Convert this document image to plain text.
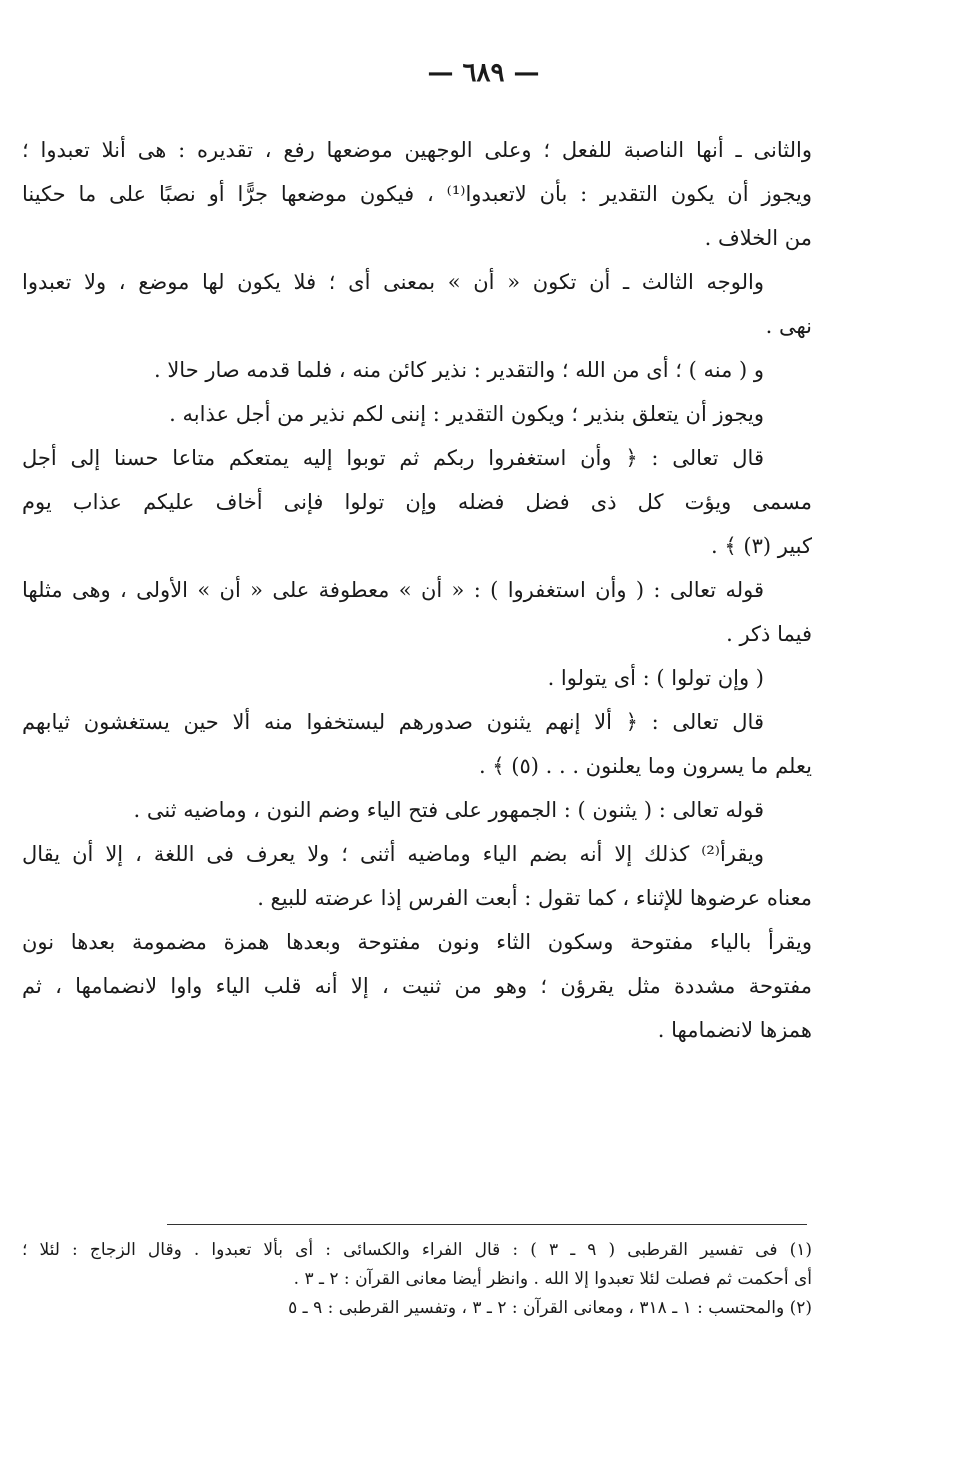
— ٦٨٩ —
والثانى ـ أنها الناصبة للفعل ؛ وعلى الوجهين موضعها رفع ، تقديره : هى أنلا تعبدوا ؛
ويجوز أن يكون التقدير : بأن لاتعبدوا⁽¹⁾ ، فيكون موضعها جرًّا أو نصبًا على ما حكينا
من الخلاف .
والوجه الثالث ـ أن تكون « أن » بمعنى أى ؛ فلا يكون لها موضع ، ولا تعبدوا
نهى .
و ( منه ) ؛ أى من الله ؛ والتقدير : نذير كائن منه ، فلما قدمه صار حالا .
ويجوز أن يتعلق بنذير ؛ ويكون التقدير : إننى لكم نذير من أجل عذابه .
قال تعالى : ﴿ وأن استغفروا ربكم ثم توبوا إليه يمتعكم متاعا حسنا إلى أجل
مسمى ويؤت كل ذى فضل فضله وإن تولوا فإنى أخاف عليكم عذاب يوم
كبير (٣) ﴾ .
قوله تعالى : ( وأن استغفروا ) : « أن » معطوفة على « أن » الأولى ، وهى مثلها
فيما ذكر .
( وإن تولوا ) : أى يتولوا .
قال تعالى : ﴿ ألا إنهم يثنون صدورهم ليستخفوا منه ألا حين يستغشون ثيابهم
يعلم ما يسرون وما يعلنون . . . (٥) ﴾ .
قوله تعالى : ( يثنون ) : الجمهور على فتح الياء وضم النون ، وماضيه ثنى .
ويقرأ⁽²⁾ كذلك إلا أنه بضم الياء وماضيه أثنى ؛ ولا يعرف فى اللغة ، إلا أن يقال
معناه عرضوها للإثناء ، كما تقول : أبعت الفرس إذا عرضته للبيع .
ويقرأ بالياء مفتوحة وسكون الثاء ونون مفتوحة وبعدها همزة مضمومة بعدها نون
مفتوحة مشددة مثل يقرؤن ؛ وهو من ثنيت ، إلا أنه قلب الياء واوا لانضمامها ، ثم
همزها لانضمامها .
(١) فى تفسير القرطبى ( ٩ ـ ٣ ) : قال الفراء والكسائى : أى بألا تعبدوا . وقال الزجاج : لئلا ؛
أى أحكمت ثم فصلت لئلا تعبدوا إلا الله . وانظر أيضا معانى القرآن : ٢ ـ ٣ .
(٢) والمحتسب : ١ ـ ٣١٨ ، ومعانى القرآن : ٢ ـ ٣ ، وتفسير القرطبى : ٩ ـ ٥
